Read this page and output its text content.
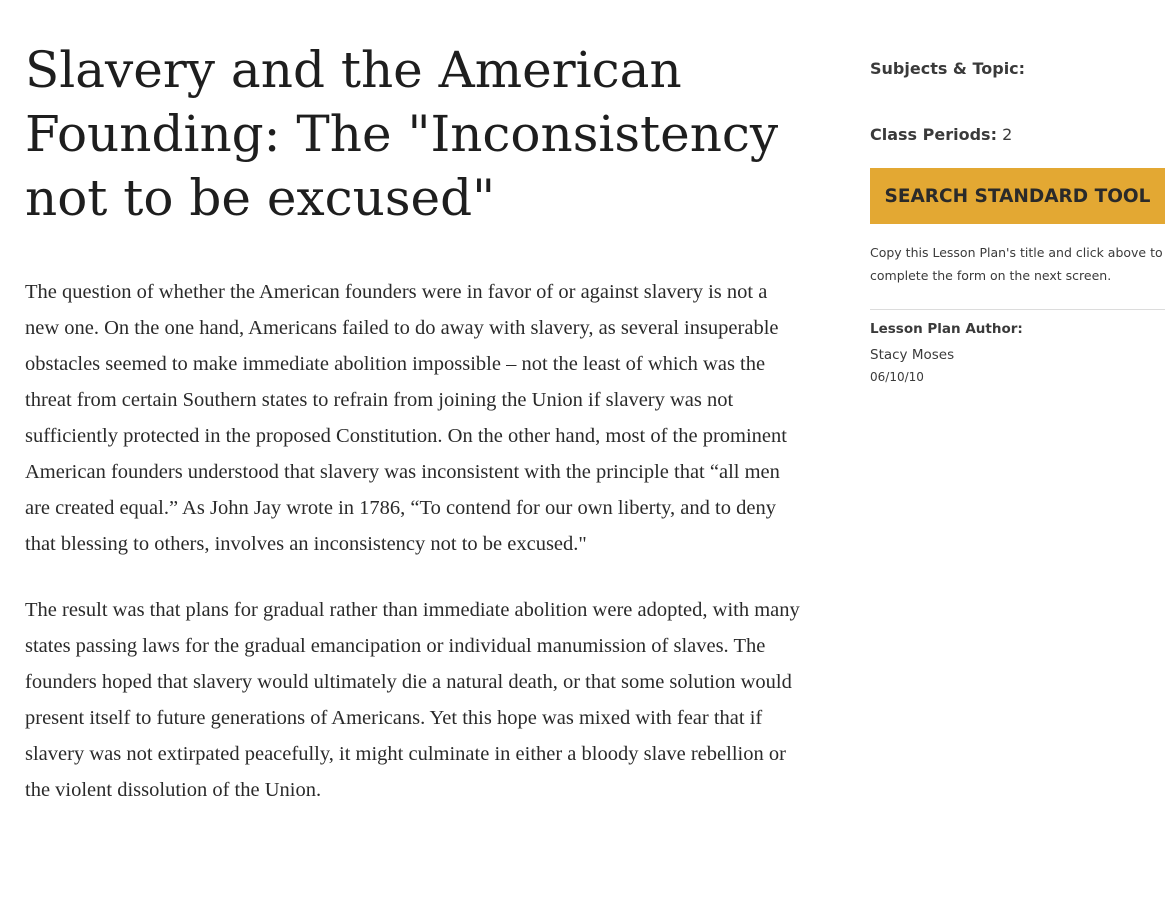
Slavery and the American Founding: The "Inconsistency not to be excused"

The question of whether the American founders were in favor of or against slavery is not a new one. On the one hand, Americans failed to do away with slavery, as several insuperable obstacles seemed to make immediate abolition impossible – not the least of which was the threat from certain Southern states to refrain from joining the Union if slavery was not sufficiently protected in the proposed Constitution. On the other hand, most of the prominent American founders understood that slavery was inconsistent with the principle that “all men are created equal.” As John Jay wrote in 1786, “To contend for our own liberty, and to deny that blessing to others, involves an inconsistency not to be excused."

The result was that plans for gradual rather than immediate abolition were adopted, with many states passing laws for the gradual emancipation or individual manumission of slaves. The founders hoped that slavery would ultimately die a natural death, or that some solution would present itself to future generations of Americans. Yet this hope was mixed with fear that if slavery was not extirpated peacefully, it might culminate in either a bloody slave rebellion or the violent dissolution of the Union.

Subjects & Topic:
Class Periods: 2
SEARCH STANDARD TOOL
Copy this Lesson Plan's title and click above to complete the form on the next screen.
Lesson Plan Author:
Stacy Moses
06/10/10
